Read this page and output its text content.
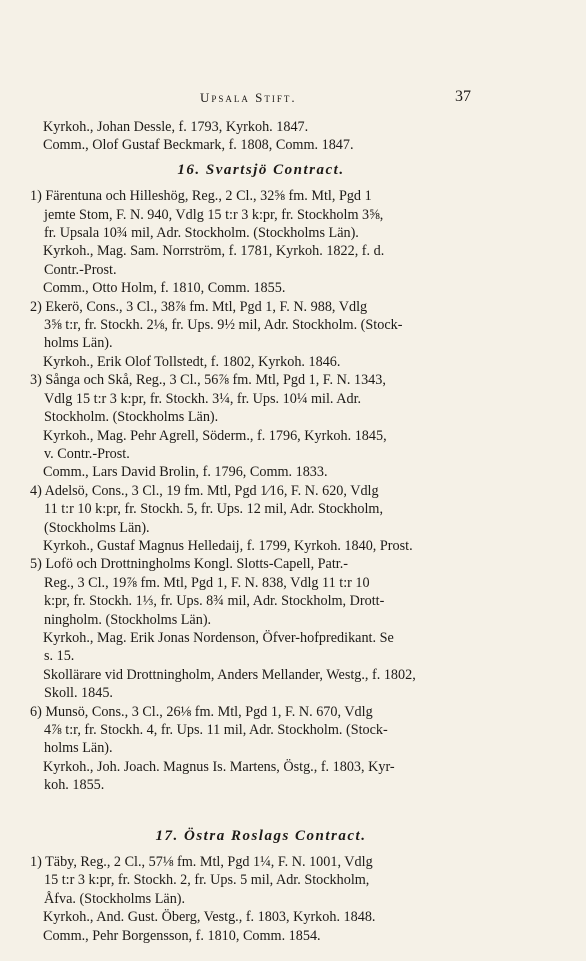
Upsala Stift.	37

Kyrkoh., Johan Dessle, f. 1793, Kyrkoh. 1847.

Comm., Olof Gustaf Beckmark, f. 1808, Comm. 1847.

16. Svartsjö Contract.

1) Färentuna och Hilleshög, Reg., 2 Cl., 32⅝ fm. Mtl, Pgd 1

jemte Stom, F. N. 940, Vdlg 15 t:r 3 k:pr, fr. Stockholm 3⅝,

fr. Upsala 10¾ mil, Adr. Stockholm. (Stockholms Län).

Kyrkoh., Mag. Sam. Norrström, f. 1781, Kyrkoh. 1822, f. d.

Contr.-Prost.

Comm., Otto Holm, f. 1810, Comm. 1855.

2) Ekerö, Cons., 3 Cl., 38⅞ fm. Mtl, Pgd 1, F. N. 988, Vdlg

3⅝ t:r, fr. Stockh. 2⅛, fr. Ups. 9½ mil, Adr. Stockholm. (Stock-

holms Län).

Kyrkoh., Erik Olof Tollstedt, f. 1802, Kyrkoh. 1846.

3) Sånga och Skå, Reg., 3 Cl., 56⅞ fm. Mtl, Pgd 1, F. N. 1343,

Vdlg 15 t:r 3 k:pr, fr. Stockh. 3¼, fr. Ups. 10¼ mil. Adr.

Stockholm. (Stockholms Län).

Kyrkoh., Mag. Pehr Agrell, Söderm., f. 1796, Kyrkoh. 1845,

v. Contr.-Prost.

Comm., Lars David Brolin, f. 1796, Comm. 1833.

4) Adelsö, Cons., 3 Cl., 19 fm. Mtl, Pgd 1⁄16, F. N. 620, Vdlg

11 t:r 10 k:pr, fr. Stockh. 5, fr. Ups. 12 mil, Adr. Stockholm,

(Stockholms Län).

Kyrkoh., Gustaf Magnus Helledaij, f. 1799, Kyrkoh. 1840, Prost.

5) Lofö och Drottningholms Kongl. Slotts-Capell, Patr.-

Reg., 3 Cl., 19⅞ fm. Mtl, Pgd 1, F. N. 838, Vdlg 11 t:r 10

k:pr, fr. Stockh. 1⅓, fr. Ups. 8¾ mil, Adr. Stockholm, Drott-

ningholm. (Stockholms Län).

Kyrkoh., Mag. Erik Jonas Nordenson, Öfver-hofpredikant. Se

s. 15.

Skollärare vid Drottningholm, Anders Mellander, Westg., f. 1802,

Skoll. 1845.

6) Munsö, Cons., 3 Cl., 26⅛ fm. Mtl, Pgd 1, F. N. 670, Vdlg

4⅞ t:r, fr. Stockh. 4, fr. Ups. 11 mil, Adr. Stockholm. (Stock-

holms Län).

Kyrkoh., Joh. Joach. Magnus Is. Martens, Östg., f. 1803, Kyr-

koh. 1855.

17. Östra Roslags Contract.

1) Täby, Reg., 2 Cl., 57⅛ fm. Mtl, Pgd 1¼, F. N. 1001, Vdlg

15 t:r 3 k:pr, fr. Stockh. 2, fr. Ups. 5 mil, Adr. Stockholm,

Åfva. (Stockholms Län).

Kyrkoh., And. Gust. Öberg, Vestg., f. 1803, Kyrkoh. 1848.

Comm., Pehr Borgensson, f. 1810, Comm. 1854.
